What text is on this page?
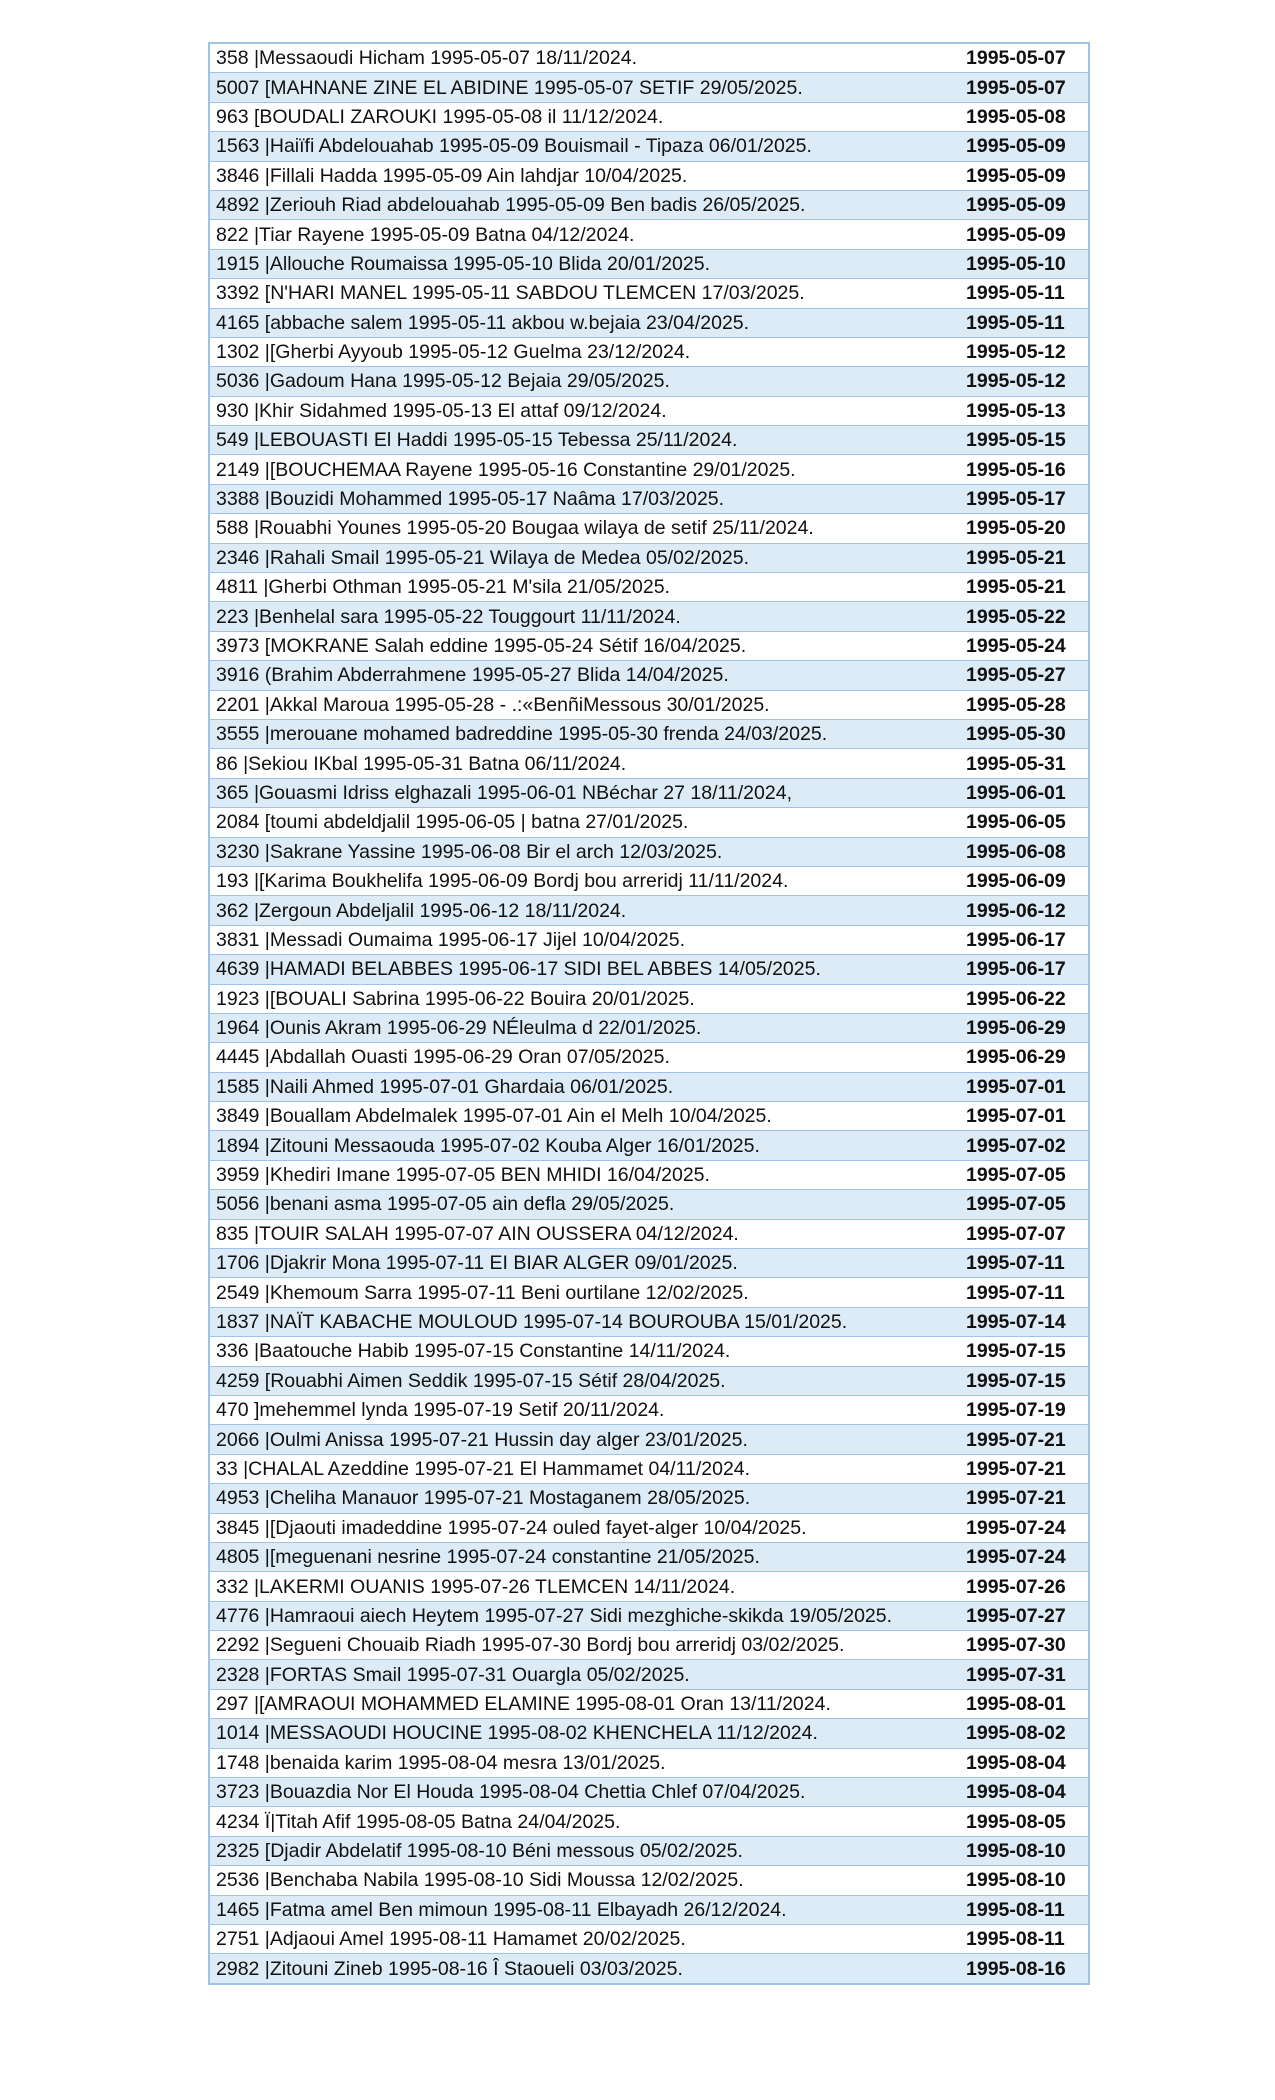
358 |Messaoudi Hicham 1995-05-07 18/11/2024.	1995-05-07
5007 [MAHNANE ZINE EL ABIDINE 1995-05-07 SETIF 29/05/2025.	1995-05-07
963 [BOUDALI ZAROUKI 1995-05-08 il 11/12/2024.	1995-05-08
1563 |Haiïfi Abdelouahab 1995-05-09 Bouismail - Tipaza 06/01/2025.	1995-05-09
3846 |Fillali Hadda 1995-05-09 Ain lahdjar 10/04/2025.	1995-05-09
4892 |Zeriouh Riad abdelouahab 1995-05-09 Ben badis 26/05/2025.	1995-05-09
822 |Tiar Rayene 1995-05-09 Batna 04/12/2024.	1995-05-09
1915 |Allouche Roumaissa 1995-05-10 Blida 20/01/2025.	1995-05-10
3392 [N'HARI MANEL 1995-05-11 SABDOU TLEMCEN 17/03/2025.	1995-05-11
4165 [abbache salem 1995-05-11 akbou w.bejaia 23/04/2025.	1995-05-11
1302 |[Gherbi Ayyoub 1995-05-12 Guelma 23/12/2024.	1995-05-12
5036 |Gadoum Hana 1995-05-12 Bejaia 29/05/2025.	1995-05-12
930 |Khir Sidahmed 1995-05-13 El attaf 09/12/2024.	1995-05-13
549 |LEBOUASTI El Haddi 1995-05-15 Tebessa 25/11/2024.	1995-05-15
2149 |[BOUCHEMAA Rayene 1995-05-16 Constantine 29/01/2025.	1995-05-16
3388 |Bouzidi Mohammed 1995-05-17 Naâma 17/03/2025.	1995-05-17
588 |Rouabhi Younes 1995-05-20 Bougaa wilaya de setif 25/11/2024.	1995-05-20
2346 |Rahali Smail 1995-05-21 Wilaya de Medea 05/02/2025.	1995-05-21
4811 |Gherbi Othman 1995-05-21 M'sila 21/05/2025.	1995-05-21
223 |Benhelal sara 1995-05-22 Touggourt 11/11/2024.	1995-05-22
3973 [MOKRANE Salah eddine 1995-05-24 Sétif 16/04/2025.	1995-05-24
3916 (Brahim Abderrahmene 1995-05-27 Blida 14/04/2025.	1995-05-27
2201 |Akkal Maroua 1995-05-28 - .:«BenñiMessous 30/01/2025.	1995-05-28
3555 |merouane mohamed badreddine 1995-05-30 frenda 24/03/2025.	1995-05-30
86 |Sekiou IKbal 1995-05-31 Batna 06/11/2024.	1995-05-31
365 |Gouasmi Idriss elghazali 1995-06-01 NBéchar 27 18/11/2024,	1995-06-01
2084 [toumi abdeldjalil 1995-06-05 | batna 27/01/2025.	1995-06-05
3230 |Sakrane Yassine 1995-06-08 Bir el arch 12/03/2025.	1995-06-08
193 |[Karima Boukhelifa 1995-06-09 Bordj bou arreridj 11/11/2024.	1995-06-09
362 |Zergoun Abdeljalil 1995-06-12 18/11/2024.	1995-06-12
3831 |Messadi Oumaima 1995-06-17 Jijel 10/04/2025.	1995-06-17
4639 |HAMADI BELABBES 1995-06-17 SIDI BEL ABBES 14/05/2025.	1995-06-17
1923 |[BOUALI Sabrina 1995-06-22 Bouira 20/01/2025.	1995-06-22
1964 |Ounis Akram 1995-06-29 NÉleulma d 22/01/2025.	1995-06-29
4445 |Abdallah Ouasti 1995-06-29 Oran 07/05/2025.	1995-06-29
1585 |Naili Ahmed 1995-07-01 Ghardaia 06/01/2025.	1995-07-01
3849 |Bouallam Abdelmalek 1995-07-01 Ain el Melh 10/04/2025.	1995-07-01
1894 |Zitouni Messaouda 1995-07-02 Kouba Alger 16/01/2025.	1995-07-02
3959 |Khediri Imane 1995-07-05 BEN MHIDI 16/04/2025.	1995-07-05
5056 |benani asma 1995-07-05 ain defla 29/05/2025.	1995-07-05
835 |TOUIR SALAH 1995-07-07 AIN OUSSERA 04/12/2024.	1995-07-07
1706 |Djakrir Mona 1995-07-11 EI BIAR ALGER 09/01/2025.	1995-07-11
2549 |Khemoum Sarra 1995-07-11 Beni ourtilane 12/02/2025.	1995-07-11
1837 |NAÏT KABACHE MOULOUD 1995-07-14 BOUROUBA 15/01/2025.	1995-07-14
336 |Baatouche Habib 1995-07-15 Constantine 14/11/2024.	1995-07-15
4259 [Rouabhi Aimen Seddik 1995-07-15 Sétif 28/04/2025.	1995-07-15
470 ]mehemmel lynda 1995-07-19 Setif 20/11/2024.	1995-07-19
2066 |Oulmi Anissa 1995-07-21 Hussin day alger 23/01/2025.	1995-07-21
33 |CHALAL Azeddine 1995-07-21 El Hammamet 04/11/2024.	1995-07-21
4953 |Cheliha Manauor 1995-07-21 Mostaganem 28/05/2025.	1995-07-21
3845 |[Djaouti imadeddine 1995-07-24 ouled fayet-alger 10/04/2025.	1995-07-24
4805 |[meguenani nesrine 1995-07-24 constantine 21/05/2025.	1995-07-24
332 |LAKERMI OUANIS 1995-07-26 TLEMCEN 14/11/2024.	1995-07-26
4776 |Hamraoui aiech Heytem 1995-07-27 Sidi mezghiche-skikda 19/05/2025.	1995-07-27
2292 |Segueni Chouaib Riadh 1995-07-30 Bordj bou arreridj 03/02/2025.	1995-07-30
2328 |FORTAS Smail 1995-07-31 Ouargla 05/02/2025.	1995-07-31
297 |[AMRAOUI MOHAMMED ELAMINE 1995-08-01 Oran 13/11/2024.	1995-08-01
1014 |MESSAOUDI HOUCINE 1995-08-02 KHENCHELA 11/12/2024.	1995-08-02
1748 |benaida karim 1995-08-04 mesra 13/01/2025.	1995-08-04
3723 |Bouazdia Nor El Houda 1995-08-04 Chettia Chlef 07/04/2025.	1995-08-04
4234 Ï|Titah Afif 1995-08-05 Batna 24/04/2025.	1995-08-05
2325 [Djadir Abdelatif 1995-08-10 Béni messous 05/02/2025.	1995-08-10
2536 |Benchaba Nabila 1995-08-10 Sidi Moussa 12/02/2025.	1995-08-10
1465 |Fatma amel Ben mimoun 1995-08-11 Elbayadh 26/12/2024.	1995-08-11
2751 |Adjaoui Amel 1995-08-11 Hamamet 20/02/2025.	1995-08-11
2982 |Zitouni Zineb 1995-08-16 Î Staoueli 03/03/2025.	1995-08-16
